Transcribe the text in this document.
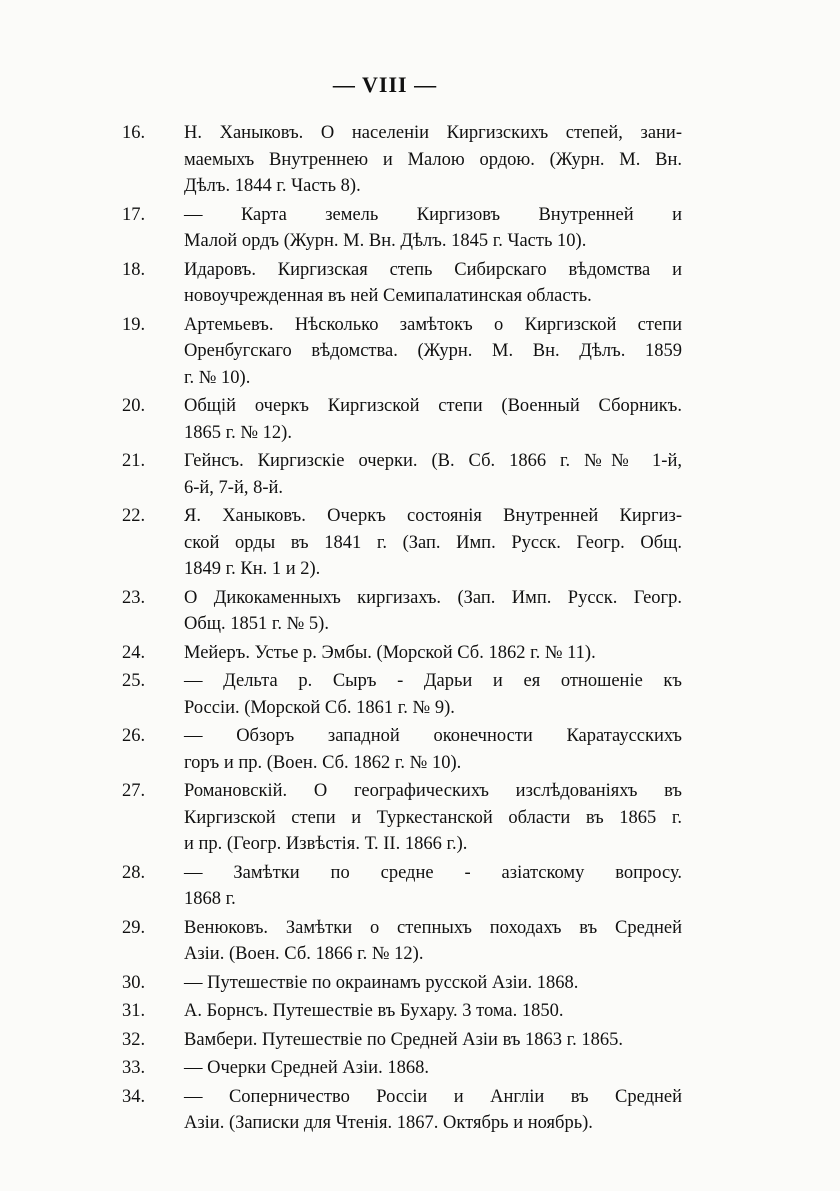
— VIII —
16. Н. Ханыковъ. О населеніи Киргизскихъ степей, зани-
маемыхъ Внутреннею и Малою ордою. (Журн. М. Вн.
Дѣлъ. 1844 г. Часть 8).
17. — Карта земель Киргизовъ Внутренней и
Малой ордъ (Журн. М. Вн. Дѣлъ. 1845 г. Часть 10).
18. Идаровъ. Киргизская степь Сибирскаго вѣдомства и
новоучрежденная въ ней Семипалатинская область.
19. Артемьевъ. Нѣсколько замѣтокъ о Киргизской степи
Оренбугскаго вѣдомства. (Журн. М. Вн. Дѣлъ. 1859
г. № 10).
20. Общій очеркъ Киргизской степи (Военный Сборникъ.
1865 г. № 12).
21. Гейнсъ. Киргизскіе очерки. (В. Сб. 1866 г. №№ 1-й,
6-й, 7-й, 8-й.
22. Я. Ханыковъ. Очеркъ состоянія Внутренней Киргиз-
ской орды въ 1841 г. (Зап. Имп. Русск. Геогр. Общ.
1849 г. Кн. 1 и 2).
23. О Дикокаменныхъ киргизахъ. (Зап. Имп. Русск. Геогр.
Общ. 1851 г. № 5).
24. Мейеръ. Устье р. Эмбы. (Морской Сб. 1862 г. № 11).
25. — Дельта р. Сыръ - Дарьи и ея отношеніе къ
Россіи. (Морской Сб. 1861 г. № 9).
26. — Обзоръ западной оконечности Каратаусскихъ
горъ и пр. (Воен. Сб. 1862 г. № 10).
27. Романовскій. О географическихъ изслѣдованіяхъ въ
Киргизской степи и Туркестанской области въ 1865 г.
и пр. (Геогр. Извѣстія. Т. II. 1866 г.).
28. — Замѣтки по средне - азіатскому вопросу.
1868 г.
29. Венюковъ. Замѣтки о степныхъ походахъ въ Средней
Азіи. (Воен. Сб. 1866 г. № 12).
30. — Путешествіе по окраинамъ русской Азіи. 1868.
31. А. Борнсъ. Путешествіе въ Бухару. 3 тома. 1850.
32. Вамбери. Путешествіе по Средней Азіи въ 1863 г. 1865.
33. — Очерки Средней Азіи. 1868.
34. — Соперничество Россіи и Англіи въ Средней
Азіи. (Записки для Чтенія. 1867. Октябрь и ноябрь).
